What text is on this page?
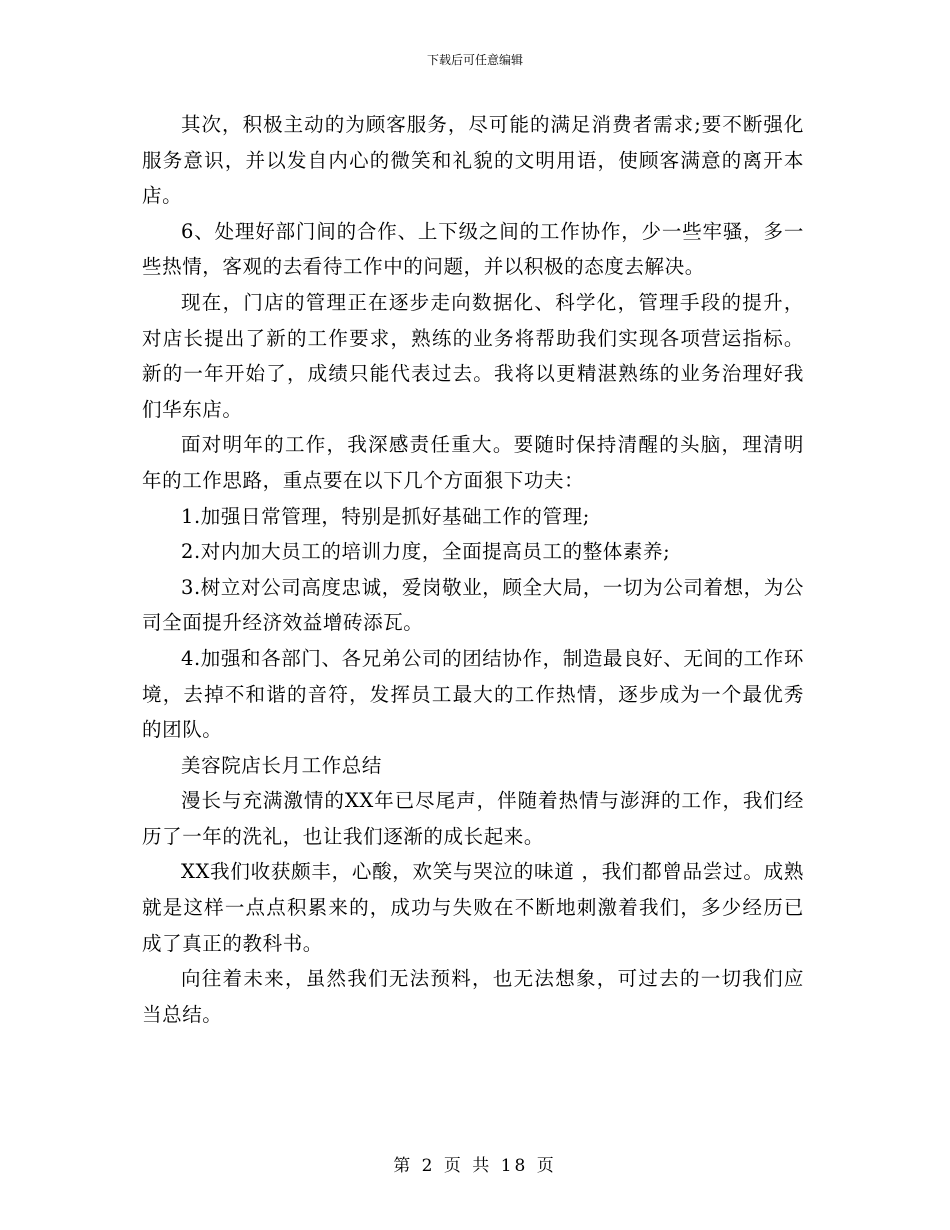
下载后可任意编辑

其次，积极主动的为顾客服务，尽可能的满足消费者需求;要不断强化服务意识，并以发自内心的微笑和礼貌的文明用语，使顾客满意的离开本店。

6、处理好部门间的合作、上下级之间的工作协作，少一些牢骚，多一些热情，客观的去看待工作中的问题，并以积极的态度去解决。

现在，门店的管理正在逐步走向数据化、科学化，管理手段的提升，对店长提出了新的工作要求，熟练的业务将帮助我们实现各项营运指标。新的一年开始了，成绩只能代表过去。我将以更精湛熟练的业务治理好我们华东店。

面对明年的工作，我深感责任重大。要随时保持清醒的头脑，理清明年的工作思路，重点要在以下几个方面狠下功夫：

1.加强日常管理，特别是抓好基础工作的管理;

2.对内加大员工的培训力度，全面提高员工的整体素养;

3.树立对公司高度忠诚，爱岗敬业，顾全大局，一切为公司着想，为公司全面提升经济效益增砖添瓦。

4.加强和各部门、各兄弟公司的团结协作，制造最良好、无间的工作环境，去掉不和谐的音符，发挥员工最大的工作热情，逐步成为一个最优秀的团队。

美容院店长月工作总结

漫长与充满激情的XX年已尽尾声，伴随着热情与澎湃的工作，我们经历了一年的洗礼，也让我们逐渐的成长起来。

XX我们收获颇丰，心酸，欢笑与哭泣的味道 ，我们都曾品尝过。成熟就是这样一点点积累来的，成功与失败在不断地刺激着我们，多少经历已成了真正的教科书。

向往着未来，虽然我们无法预料，也无法想象，可过去的一切我们应当总结。

第 2 页 共 18 页
